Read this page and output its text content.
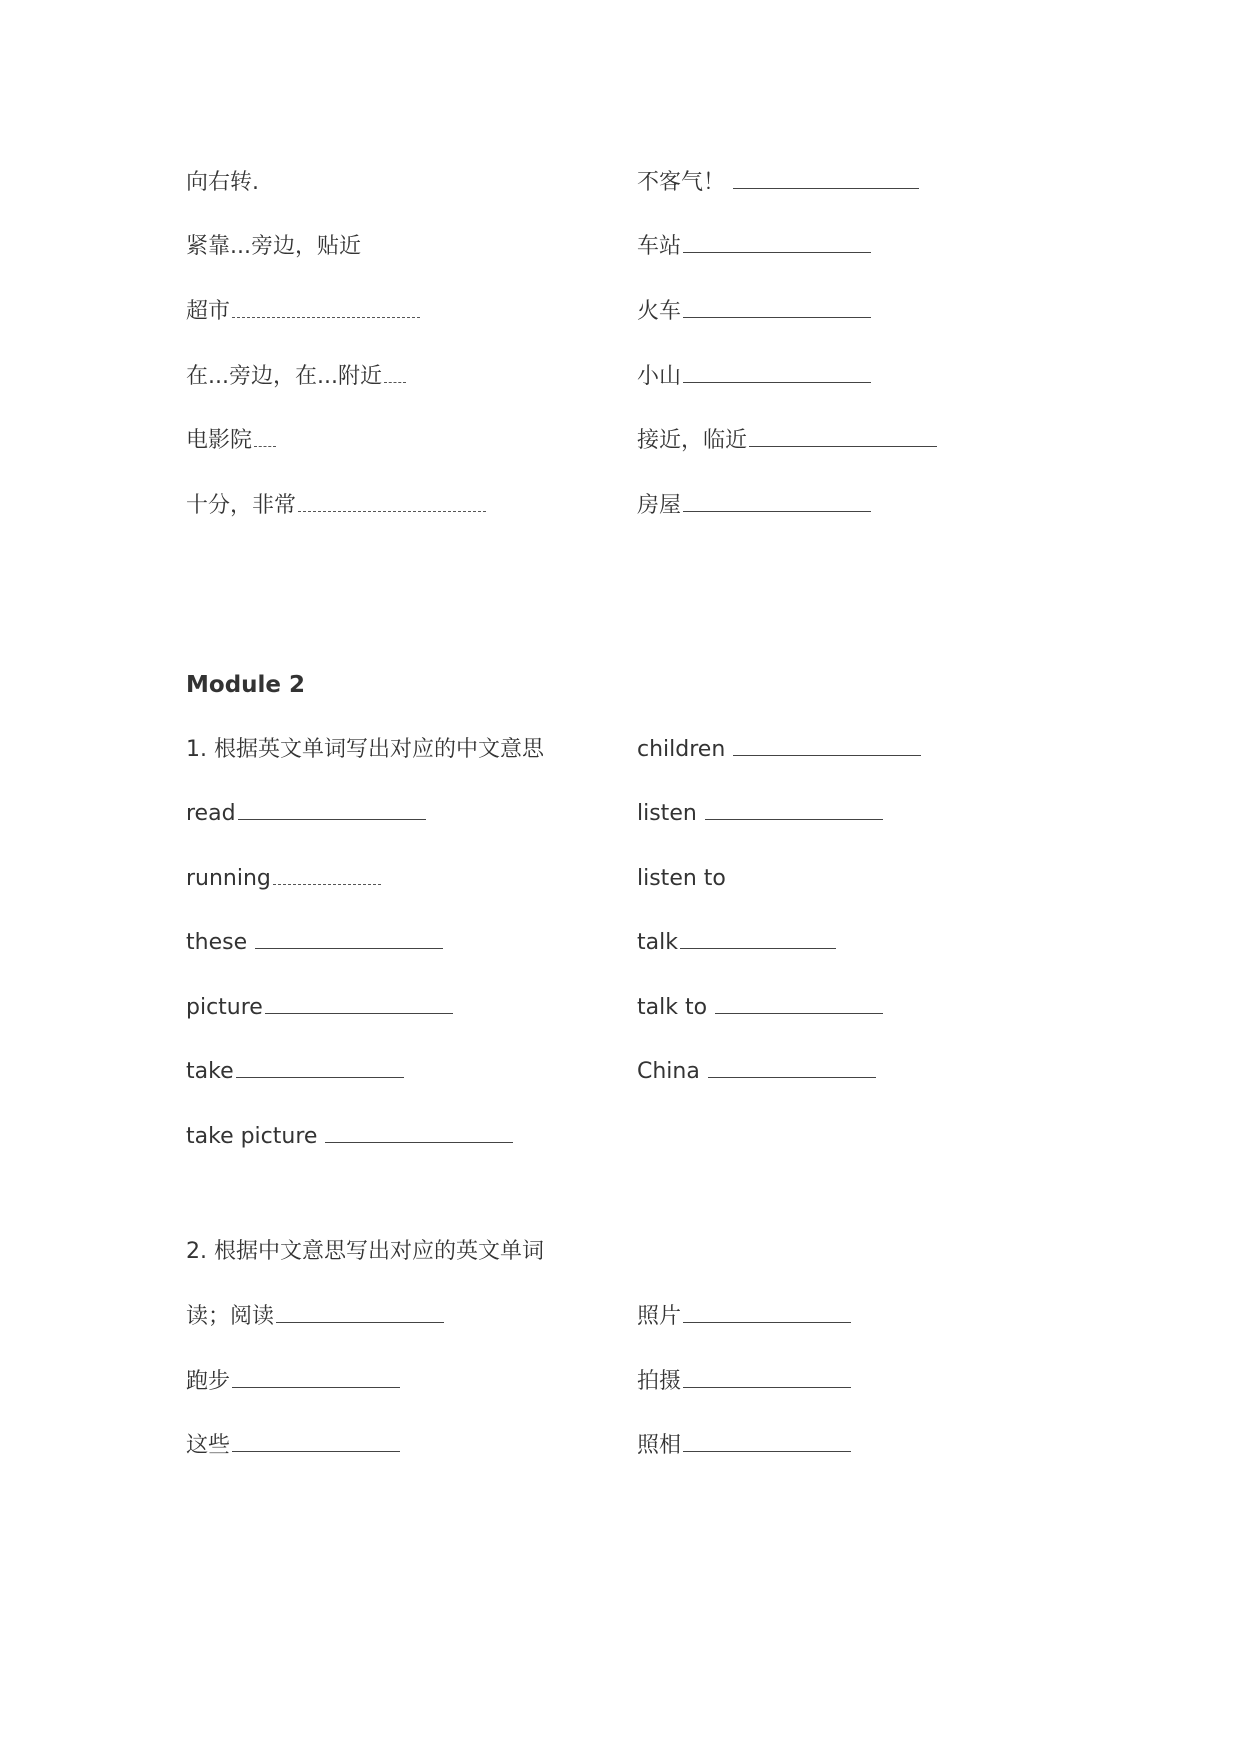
向右转.	不客气！
紧靠...旁边，贴近	车站
超市	火车
在...旁边，在...附近	小山
电影院	接近，临近
十分，非常	房屋
Module 2
1. 根据英文单词写出对应的中文意思	children
read	listen
running	listen to
these	talk
picture	talk to
take	China
take picture
2. 根据中文意思写出对应的英文单词
读；阅读	照片
跑步	拍摄
这些	照相
